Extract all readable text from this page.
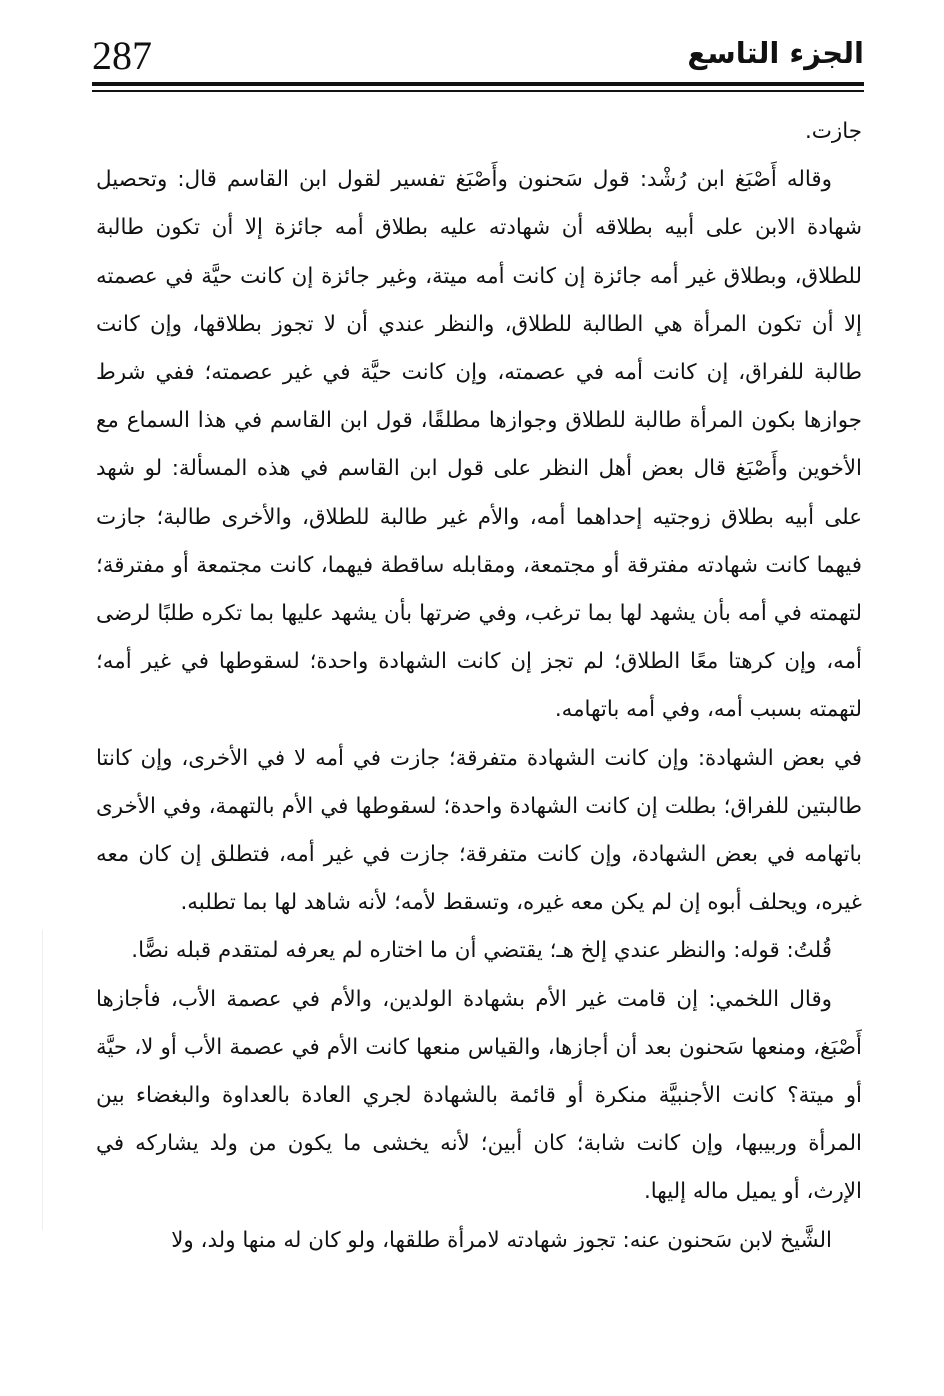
287	الجزء التاسع

جازت.

وقاله أَصْبَغ ابن رُشْد: قول سَحنون وأَصْبَغ تفسير لقول ابن القاسم قال: وتحصيل شهادة الابن على أبيه بطلاقه أن شهادته عليه بطلاق أمه جائزة إلا أن تكون طالبة للطلاق، وبطلاق غير أمه جائزة إن كانت أمه ميتة، وغير جائزة إن كانت حيَّة في عصمته إلا أن تكون المرأة هي الطالبة للطلاق، والنظر عندي أن لا تجوز بطلاقها، وإن كانت طالبة للفراق، إن كانت أمه في عصمته، وإن كانت حيَّة في غير عصمته؛ ففي شرط جوازها بكون المرأة طالبة للطلاق وجوازها مطلقًا، قول ابن القاسم في هذا السماع مع الأخوين وأَصْبَغ قال بعض أهل النظر على قول ابن القاسم في هذه المسألة: لو شهد على أبيه بطلاق زوجتيه إحداهما أمه، والأم غير طالبة للطلاق، والأخرى طالبة؛ جازت فيهما كانت شهادته مفترقة أو مجتمعة، ومقابله ساقطة فيهما، كانت مجتمعة أو مفترقة؛ لتهمته في أمه بأن يشهد لها بما ترغب، وفي ضرتها بأن يشهد عليها بما تكره طلبًا لرضى أمه، وإن كرهتا معًا الطلاق؛ لم تجز إن كانت الشهادة واحدة؛ لسقوطها في غير أمه؛ لتهمته بسبب أمه، وفي أمه باتهامه.

في بعض الشهادة: وإن كانت الشهادة متفرقة؛ جازت في أمه لا في الأخرى، وإن كانتا طالبتين للفراق؛ بطلت إن كانت الشهادة واحدة؛ لسقوطها في الأم بالتهمة، وفي الأخرى باتهامه في بعض الشهادة، وإن كانت متفرقة؛ جازت في غير أمه، فتطلق إن كان معه غيره، ويحلف أبوه إن لم يكن معه غيره، وتسقط لأمه؛ لأنه شاهد لها بما تطلبه.

قُلتُ: قوله: والنظر عندي إلخ هـ؛ يقتضي أن ما اختاره لم يعرفه لمتقدم قبله نصًّا.

وقال اللخمي: إن قامت غير الأم بشهادة الولدين، والأم في عصمة الأب، فأجازها أَصْبَغ، ومنعها سَحنون بعد أن أجازها، والقياس منعها كانت الأم في عصمة الأب أو لا، حيَّة أو ميتة؟ كانت الأجنبيَّة منكرة أو قائمة بالشهادة لجري العادة بالعداوة والبغضاء بين المرأة وربيبها، وإن كانت شابة؛ كان أبين؛ لأنه يخشى ما يكون من ولد يشاركه في الإرث، أو يميل ماله إليها.

الشَّيخ لابن سَحنون عنه: تجوز شهادته لامرأة طلقها، ولو كان له منها ولد، ولا
